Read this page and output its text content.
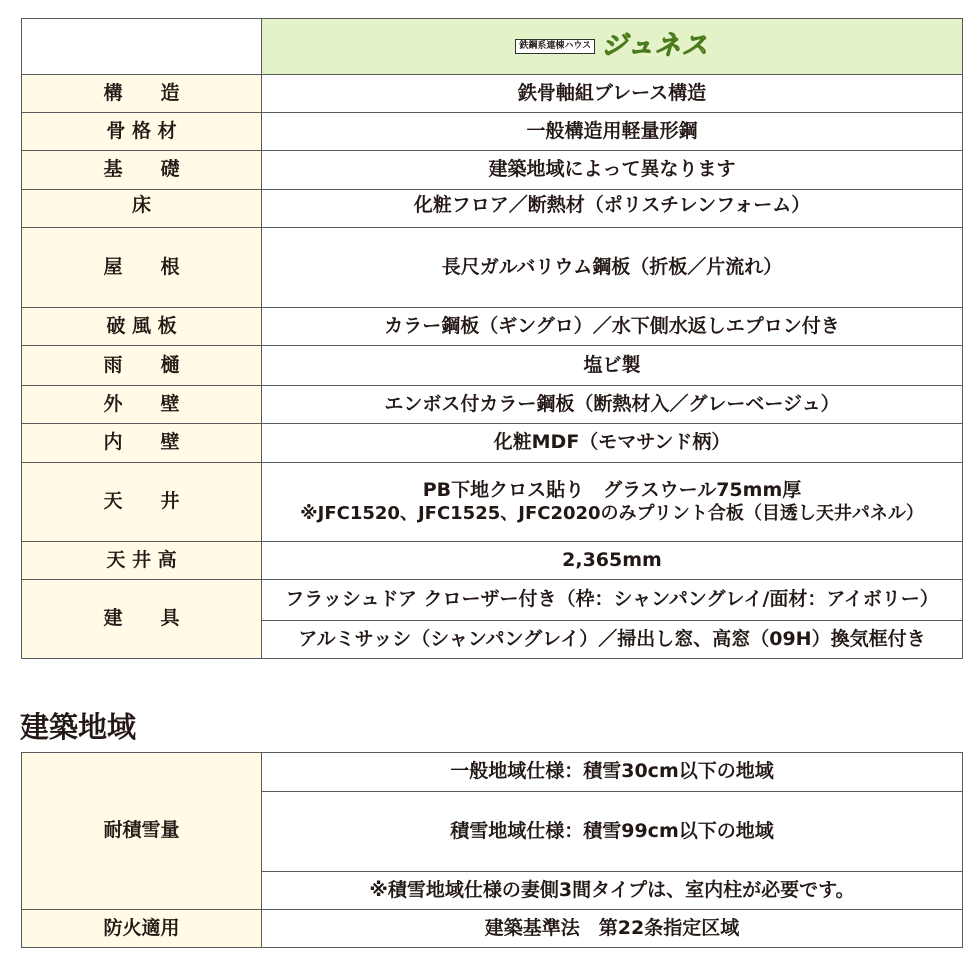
	鉄鋼系連棟ハウス ジュネス

構　　造	鉄骨軸組ブレース構造
骨 格 材	一般構造用軽量形鋼
基　　礎	建築地域によって異なります
床	化粧フロア／断熱材（ポリスチレンフォーム）
屋　　根	長尺ガルバリウム鋼板（折板／片流れ）
破 風 板	カラー鋼板（ギングロ）／水下側水返しエプロン付き
雨　　樋	塩ビ製
外　　壁	エンボス付カラー鋼板（断熱材入／グレーベージュ）
内　　壁	化粧MDF（モマサンド柄）
天　　井	PB下地クロス貼り　グラスウール75mm厚
※JFC1520、JFC1525、JFC2020のみプリント合板（目透し天井パネル）

天 井 高	2,365mm
建　　具	フラッシュドア クローザー付き（枠：シャンパングレイ/面材：アイボリー）
	アルミサッシ（シャンパングレイ）／掃出し窓、高窓（09H）換気框付き
建築地域
耐積雪量	一般地域仕様：積雪30cm以下の地域
	積雪地域仕様：積雪99cm以下の地域
	※積雪地域仕様の妻側3間タイプは、室内柱が必要です。
防火適用	建築基準法　第22条指定区域
